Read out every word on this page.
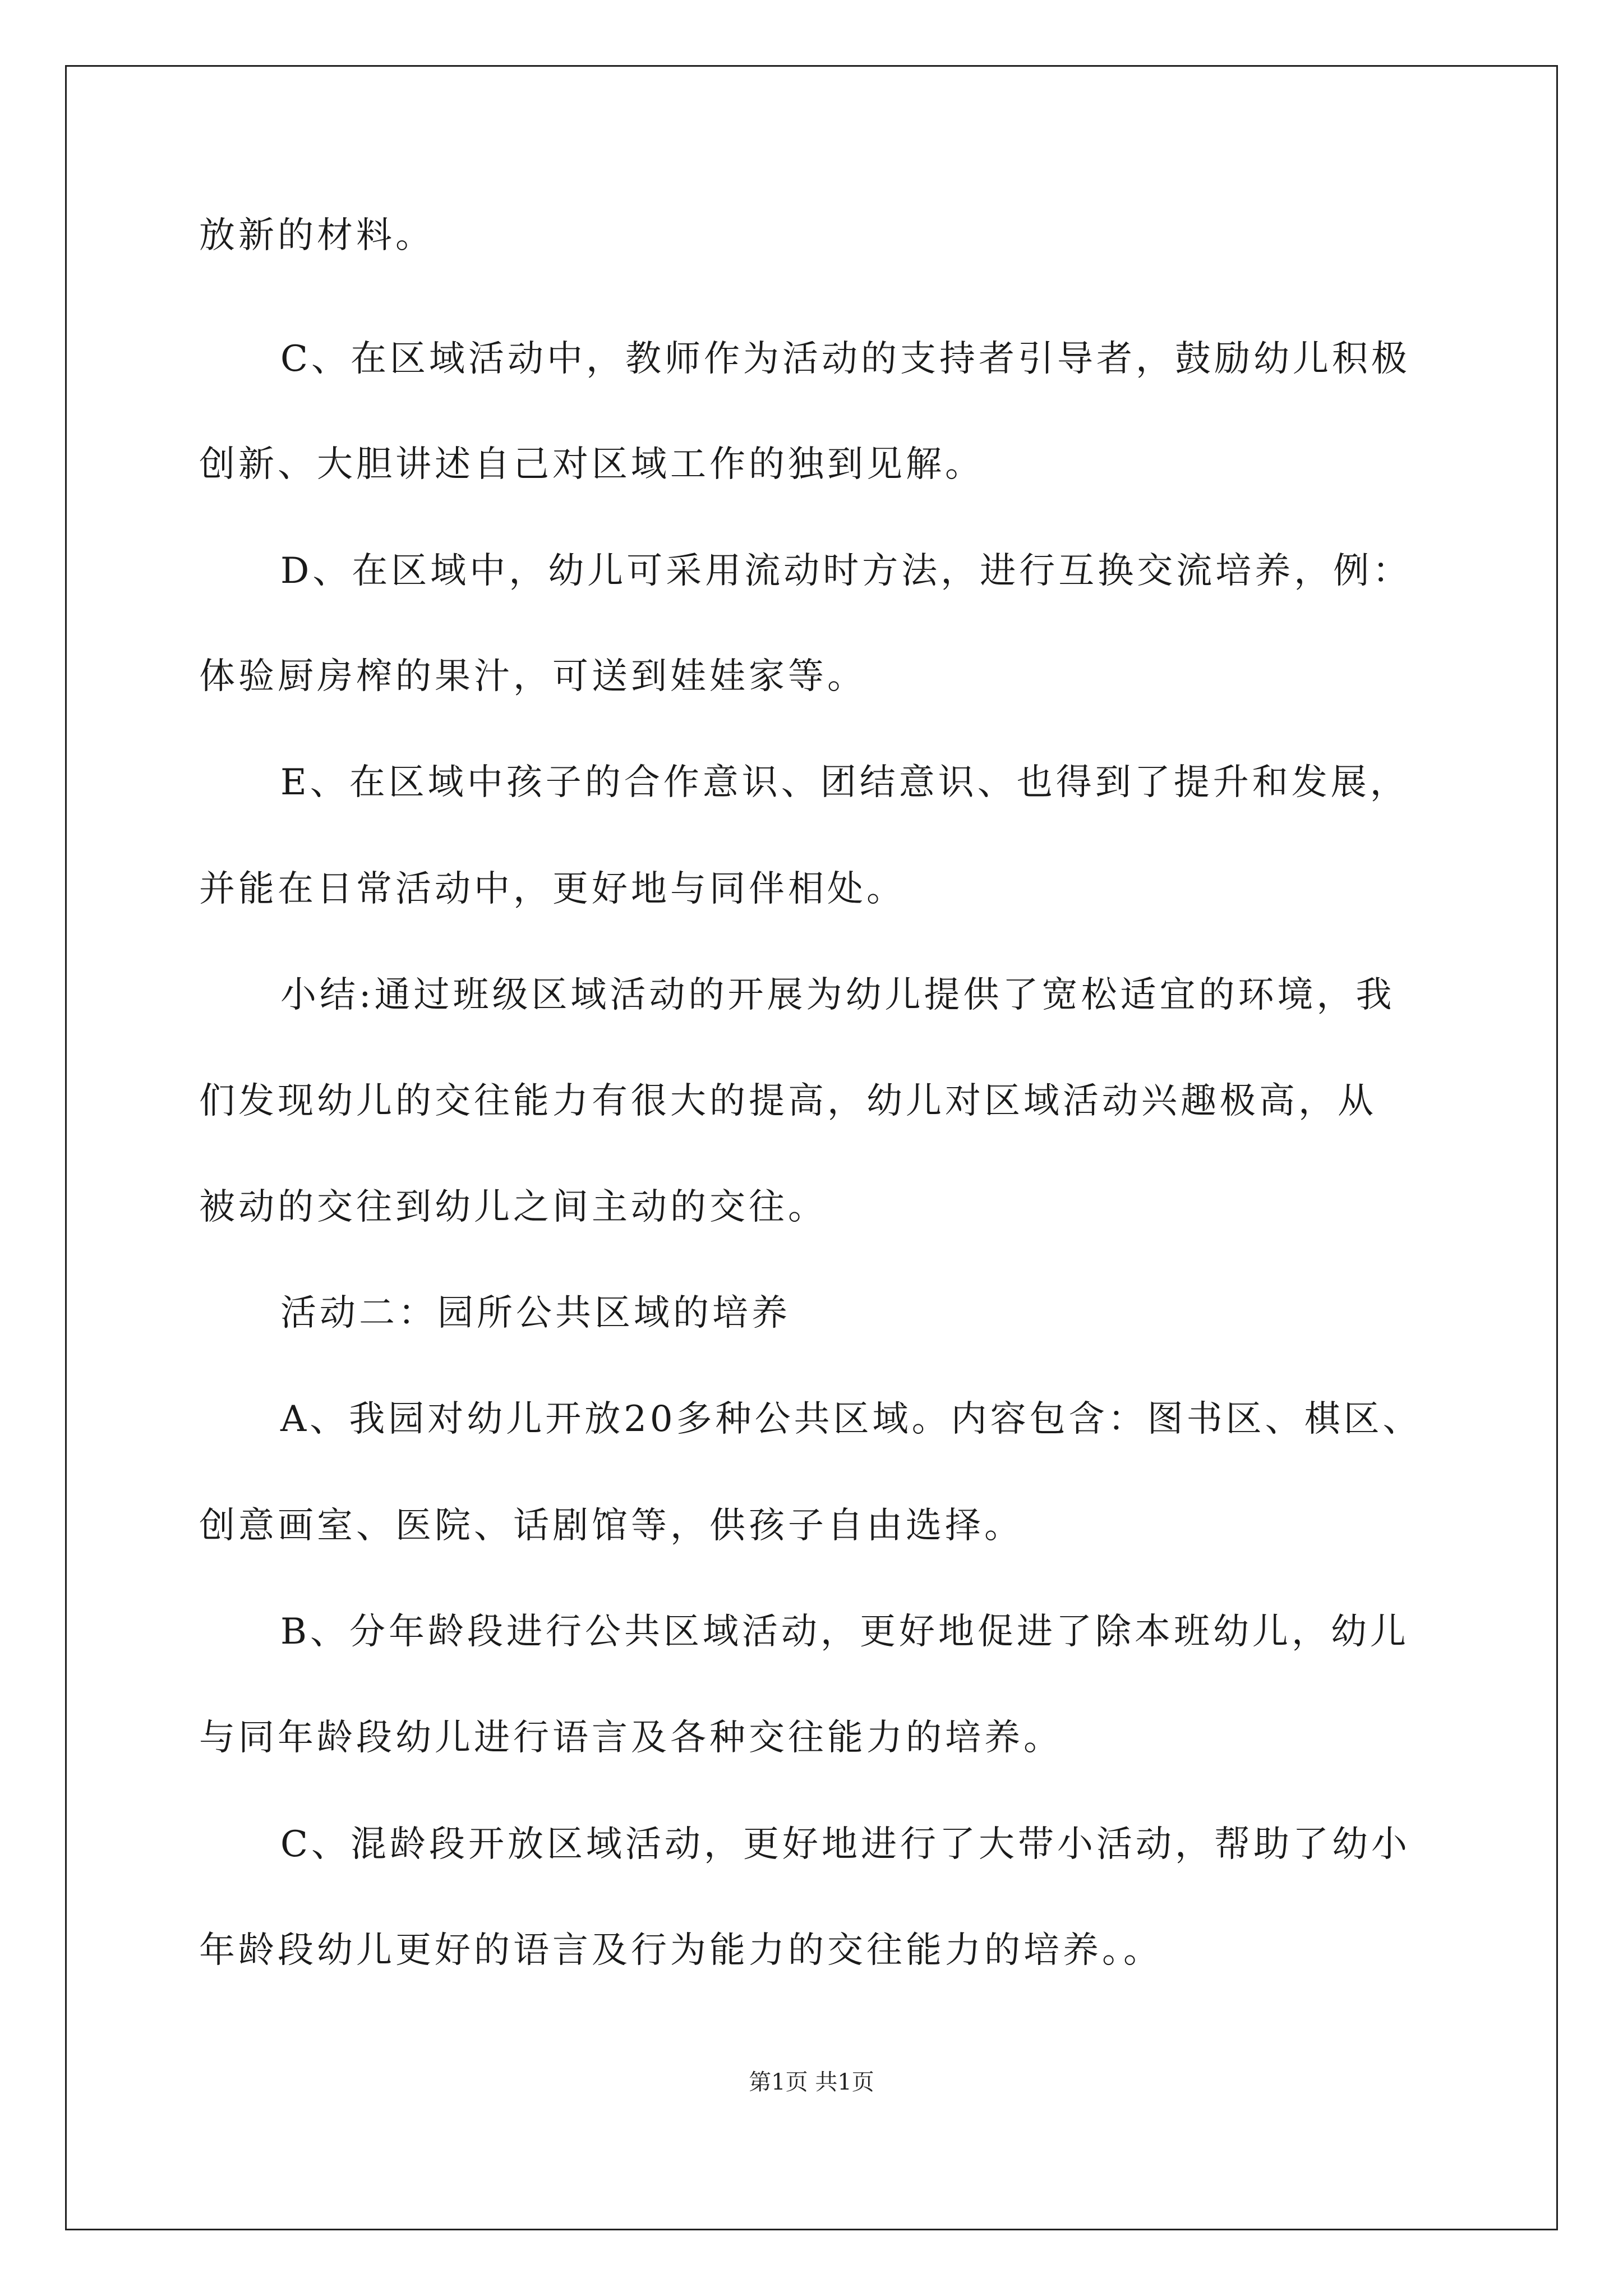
放新的材料。
C、在区域活动中，教师作为活动的支持者引导者，鼓励幼儿积极
创新、大胆讲述自己对区域工作的独到见解。
D、在区域中，幼儿可采用流动时方法，进行互换交流培养，例：
体验厨房榨的果汁，可送到娃娃家等。
E、在区域中孩子的合作意识、团结意识、也得到了提升和发展，
并能在日常活动中，更好地与同伴相处。
小结:通过班级区域活动的开展为幼儿提供了宽松适宜的环境，我
们发现幼儿的交往能力有很大的提高，幼儿对区域活动兴趣极高，从
被动的交往到幼儿之间主动的交往。
活动二：园所公共区域的培养
A、我园对幼儿开放20多种公共区域。内容包含：图书区、棋区、
创意画室、医院、话剧馆等，供孩子自由选择。
B、分年龄段进行公共区域活动，更好地促进了除本班幼儿，幼儿
与同年龄段幼儿进行语言及各种交往能力的培养。
C、混龄段开放区域活动，更好地进行了大带小活动，帮助了幼小
年龄段幼儿更好的语言及行为能力的交往能力的培养。。
第1页 共1页
